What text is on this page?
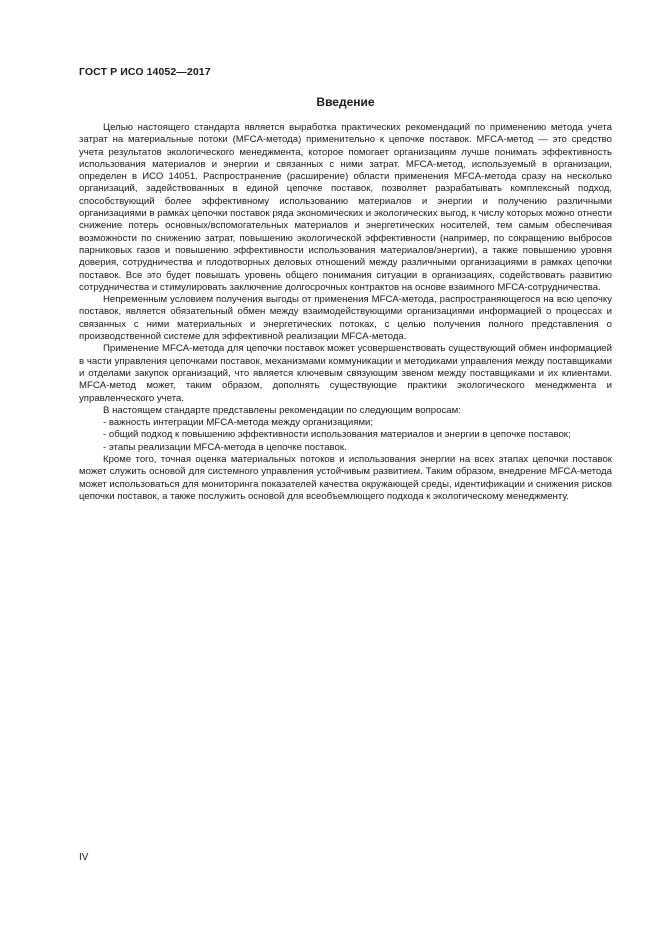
ГОСТ Р ИСО 14052—2017
Введение

Целью настоящего стандарта является выработка практических рекомендаций по применению метода учета затрат на материальные потоки (MFCA-метода) применительно к цепочке поставок. MFCA-метод — это средство учета результатов экологического менеджмента, которое помогает организациям лучше понимать эффективность использования материалов и энергии и связанных с ними затрат. MFCA-метод, используемый в организации, определен в ИСО 14051. Распространение (расширение) области применения MFCA-метода сразу на несколько организаций, задействованных в единой цепочке поставок, позволяет разрабатывать комплексный подход, способствующий более эффективному использованию материалов и энергии и получению различными организациями в рамках цепочки поставок ряда экономических и экологических выгод, к числу которых можно отнести снижение потерь основных/вспомогательных материалов и энергетических носителей, тем самым обеспечивая возможности по снижению затрат, повышению экологической эффективности (например, по сокращению выбросов парниковых газов и повышению эффективности использования материалов/энергии), а также повышению уровня доверия, сотрудничества и плодотворных деловых отношений между различными организациями в рамках цепочки поставок. Все это будет повышать уровень общего понимания ситуации в организациях, содействовать развитию сотрудничества и стимулировать заключение долгосрочных контрактов на основе взаимного MFCA-сотрудничества.

Непременным условием получения выгоды от применения MFCA-метода, распространяющегося на всю цепочку поставок, является обязательный обмен между взаимодействующими организациями информацией о процессах и связанных с ними материальных и энергетических потоках, с целью получения полного представления о производственной системе для эффективной реализации MFCA-метода.

Применение MFCA-метода для цепочки поставок может усовершенствовать существующий обмен информацией в части управления цепочками поставок, механизмами коммуникации и методиками управления между поставщиками и отделами закупок организаций, что является ключевым связующим звеном между поставщиками и их клиентами. MFCA-метод может, таким образом, дополнять существующие практики экологического менеджмента и управленческого учета.

В настоящем стандарте представлены рекомендации по следующим вопросам:

- важность интеграции MFCA-метода между организациями;

- общий подход к повышению эффективности использования материалов и энергии в цепочке поставок;

- этапы реализации MFCA-метода в цепочке поставок.

Кроме того, точная оценка материальных потоков и использования энергии на всех этапах цепочки поставок может служить основой для системного управления устойчивым развитием. Таким образом, внедрение MFCA-метода может использоваться для мониторинга показателей качества окружающей среды, идентификации и снижения рисков цепочки поставок, а также послужить основой для всеобъемлющего подхода к экологическому менеджменту.

IV
